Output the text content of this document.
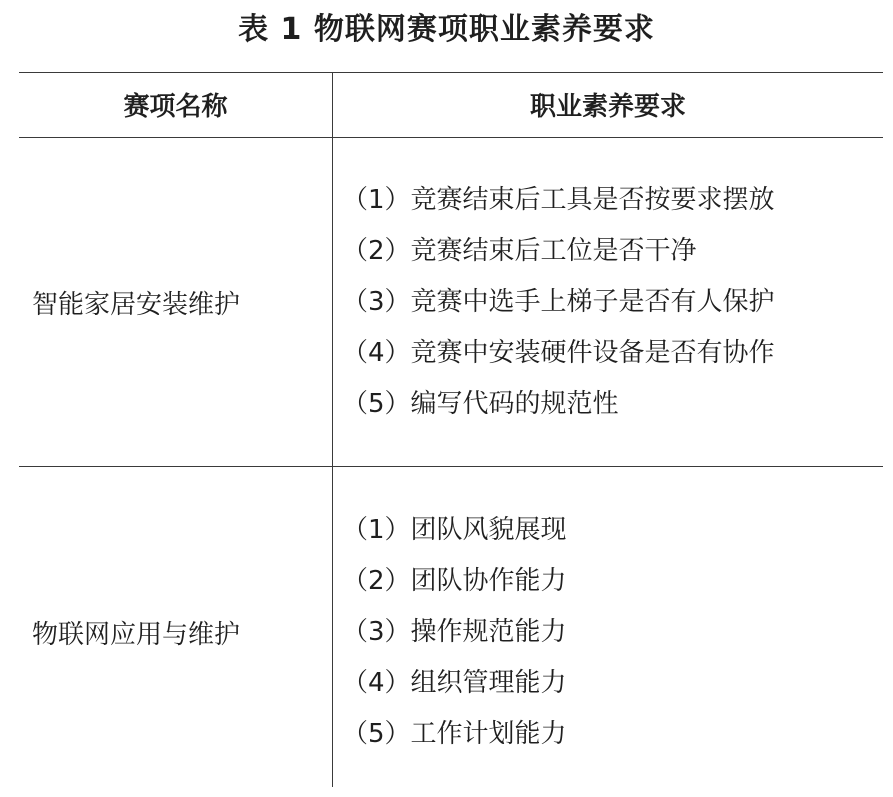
表 1 物联网赛项职业素养要求
赛项名称	职业素养要求
智能家居安装维护
（1）竞赛结束后工具是否按要求摆放
（2）竞赛结束后工位是否干净
（3）竞赛中选手上梯子是否有人保护
（4）竞赛中安装硬件设备是否有协作
（5）编写代码的规范性
物联网应用与维护
（1）团队风貌展现
（2）团队协作能力
（3）操作规范能力
（4）组织管理能力
（5）工作计划能力
